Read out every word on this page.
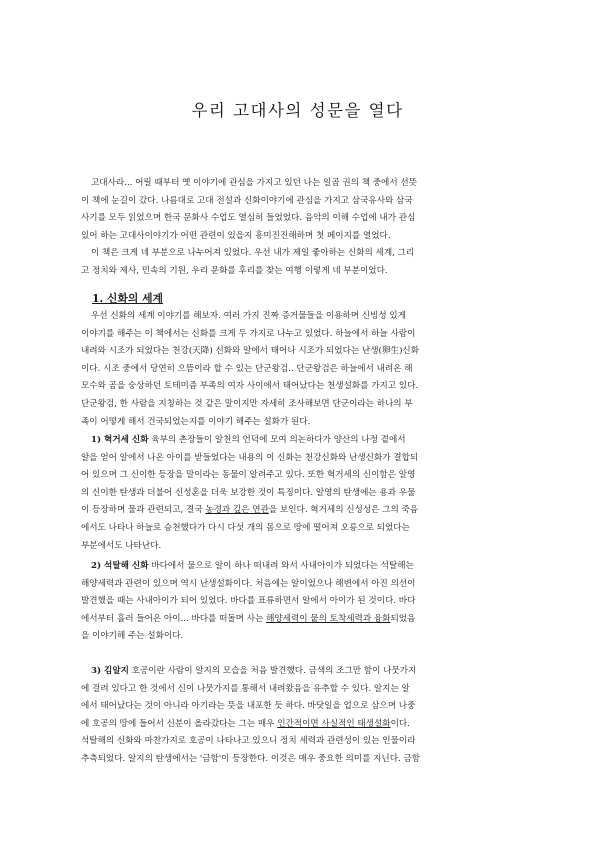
우리 고대사의 성문을 열다
고대사라... 어릴 때부터 옛 이야기에 관심을 가지고 있던 나는 일곱 권의 책 중에서 선뜻
이 책에 눈길이 갔다. 나름대로 고대 전설과 신화이야기에 관심을 가지고 삼국유사와 삼국
사기를 모두 읽었으며 한국 문화사 수업도 열심히 들었었다. 음악의 이해 수업에 내가 관심
있어 하는 고대사이야기가 어떤 관련이 있을지 흥미진진해하며 첫 페이지를 열었다.
이 책은 크게 네 부분으로 나누어져 있었다. 우선 내가 제일 좋아하는 신화의 세계, 그리
고 정치와 제사, 민속의 기원, 우리 문화를 후리를 찾는 여행 이렇게 네 부분이었다.
1. 신화의 세계
우선 신화의 세계 이야기를 해보자. 여러 가지 진짜 증거물들을 이용하며 신빙성 있게
이야기를 해주는 이 책에서는 신화를 크게 두 가지로 나누고 있었다. 하늘에서 하늘 사람이
내려와 시조가 되었다는 천강(天降) 신화와 알에서 태어나 시조가 되었다는 난생(卵生)신화
이다. 시조 중에서 당연히 으뜸이라 할 수 있는 단군왕검.. 단군왕검은 하늘에서 내려온 해
모수와 곰을 숭상하던 토테미즘 부족의 여자 사이에서 태어났다는 천생설화를 가지고 있다.
단군왕검, 한 사람을 지칭하는 것 같은 말이지만 자세히 조사해보면 단군이라는 하나의 부
족이 어떻게 해서 건국되었는지를 이야기 해주는 설화가 된다.
1) 혁거세 신화 육부의 촌장들이 알천의 언덕에 모여 의논하다가 양산의 나정 곁에서
알을 얻어 알에서 나온 아이를 받들었다는 내용의 이 신화는 천강신화와 난생신화가 결합되
어 있으며 그 신이한 등장을 말이라는 동물이 알려주고 있다. 또한 혁거세의 신이함은 알영
의 신이한 탄생과 더불어 신성혼을 더욱 보강한 것이 특징이다. 알영의 탄생에는 용과 우물
이 등장하며 물과 관련되고, 결국 농경과 깊은 연관을 보인다. 혁거세의 신성성은 그의 죽음
에서도 나타나 하늘로 승천했다가 다시 다섯 개의 몸으로 땅에 떨어져 오릉으로 되었다는
부분에서도 나타난다.
2) 석탈해 신화 바다에서 물으로 알이 하나 떠내려 와서 사내아이가 되었다는 석탈해는
해양세력과 관련이 있으며 역시 난생설화이다. 처음에는 알이었으나 해변에서 아진 의선이
발견했을 때는 사내아이가 되어 있었다. 바다를 표류하면서 알에서 아이가 된 것이다. 바다
에서부터 흘러 들어온 아이... 바다를 떠돌며 사는 해양세력이 뭍의 토착세력과 융화되었음
을 이야기해 주는 설화이다.
3) 김알지 호공이란 사람이 알지의 모습을 처음 발견했다. 금색의 조그만 함이 나뭇가지
에 걸려 있다고 한 것에서 신이 나뭇가지를 통해서 내려왔음을 유추할 수 있다. 알지는 알
에서 태어났다는 것이 아니라 아기라는 뜻을 내포한 듯 하다. 바닷일을 업으로 삼으며 나중
에 호공의 땅에 들어서 신분이 올라갔다는 그는 매우 인간적이면 사실적인 태생설화이다.
석탈해의 신화와 마찬가지로 호공이 나타나고 있으니 정치 세력과 관련성이 있는 인물이라
추측되었다. 알지의 탄생에서는 '금함'이 등장한다. 이것은 매우 중요한 의미를 지닌다. 금함
